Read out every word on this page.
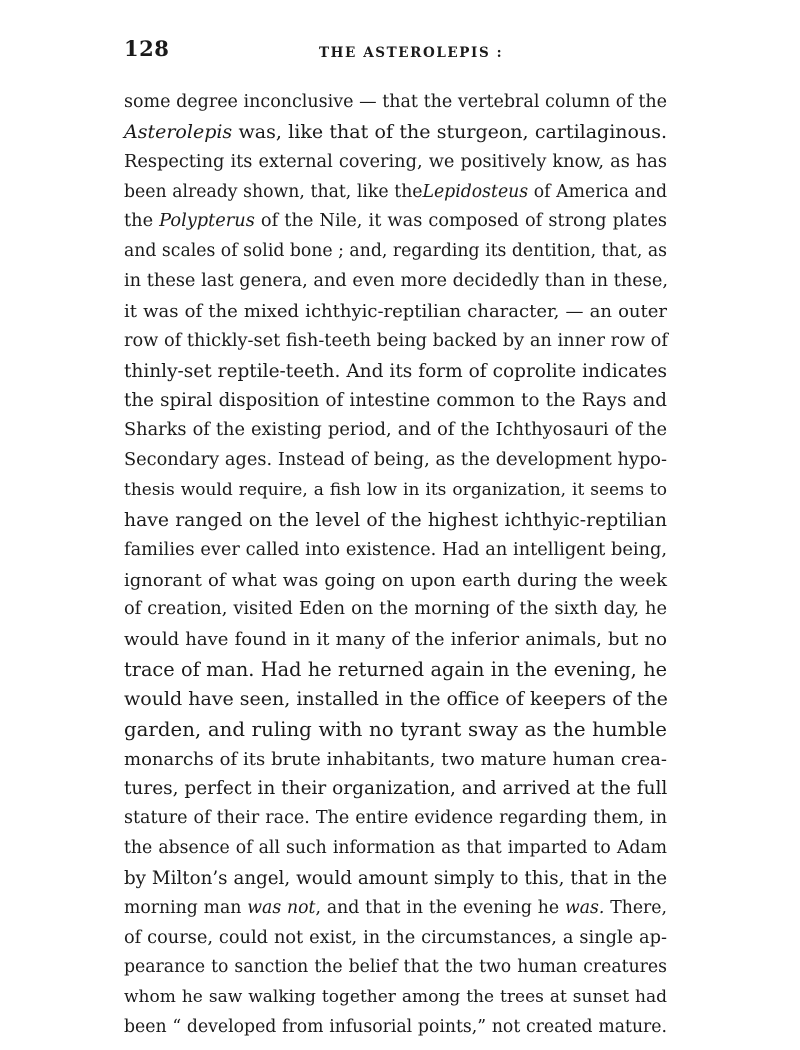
128	THE ASTEROLEPIS :
some degree inconclusive — that the vertebral column of the
Asterolepis was, like that of the sturgeon, cartilaginous.
Respecting its external covering, we positively know, as has
been already shown, that, like theLepidosteus of America and
the Polypterus of the Nile, it was composed of strong plates
and scales of solid bone ; and, regarding its dentition, that, as
in these last genera, and even more decidedly than in these,
it was of the mixed ichthyic-reptilian character, — an outer
row of thickly-set fish-teeth being backed by an inner row of
thinly-set reptile-teeth. And its form of coprolite indicates
the spiral disposition of intestine common to the Rays and
Sharks of the existing period, and of the Ichthyosauri of the
Secondary ages. Instead of being, as the development hypo-
thesis would require, a fish low in its organization, it seems to
have ranged on the level of the highest ichthyic-reptilian
families ever called into existence. Had an intelligent being,
ignorant of what was going on upon earth during the week
of creation, visited Eden on the morning of the sixth day, he
would have found in it many of the inferior animals, but no
trace of man. Had he returned again in the evening, he
would have seen, installed in the office of keepers of the
garden, and ruling with no tyrant sway as the humble
monarchs of its brute inhabitants, two mature human crea-
tures, perfect in their organization, and arrived at the full
stature of their race. The entire evidence regarding them, in
the absence of all such information as that imparted to Adam
by Milton’s angel, would amount simply to this, that in the
morning man was not, and that in the evening he was. There,
of course, could not exist, in the circumstances, a single ap-
pearance to sanction the belief that the two human creatures
whom he saw walking together among the trees at sunset had
been “ developed from infusorial points,” not created mature.
